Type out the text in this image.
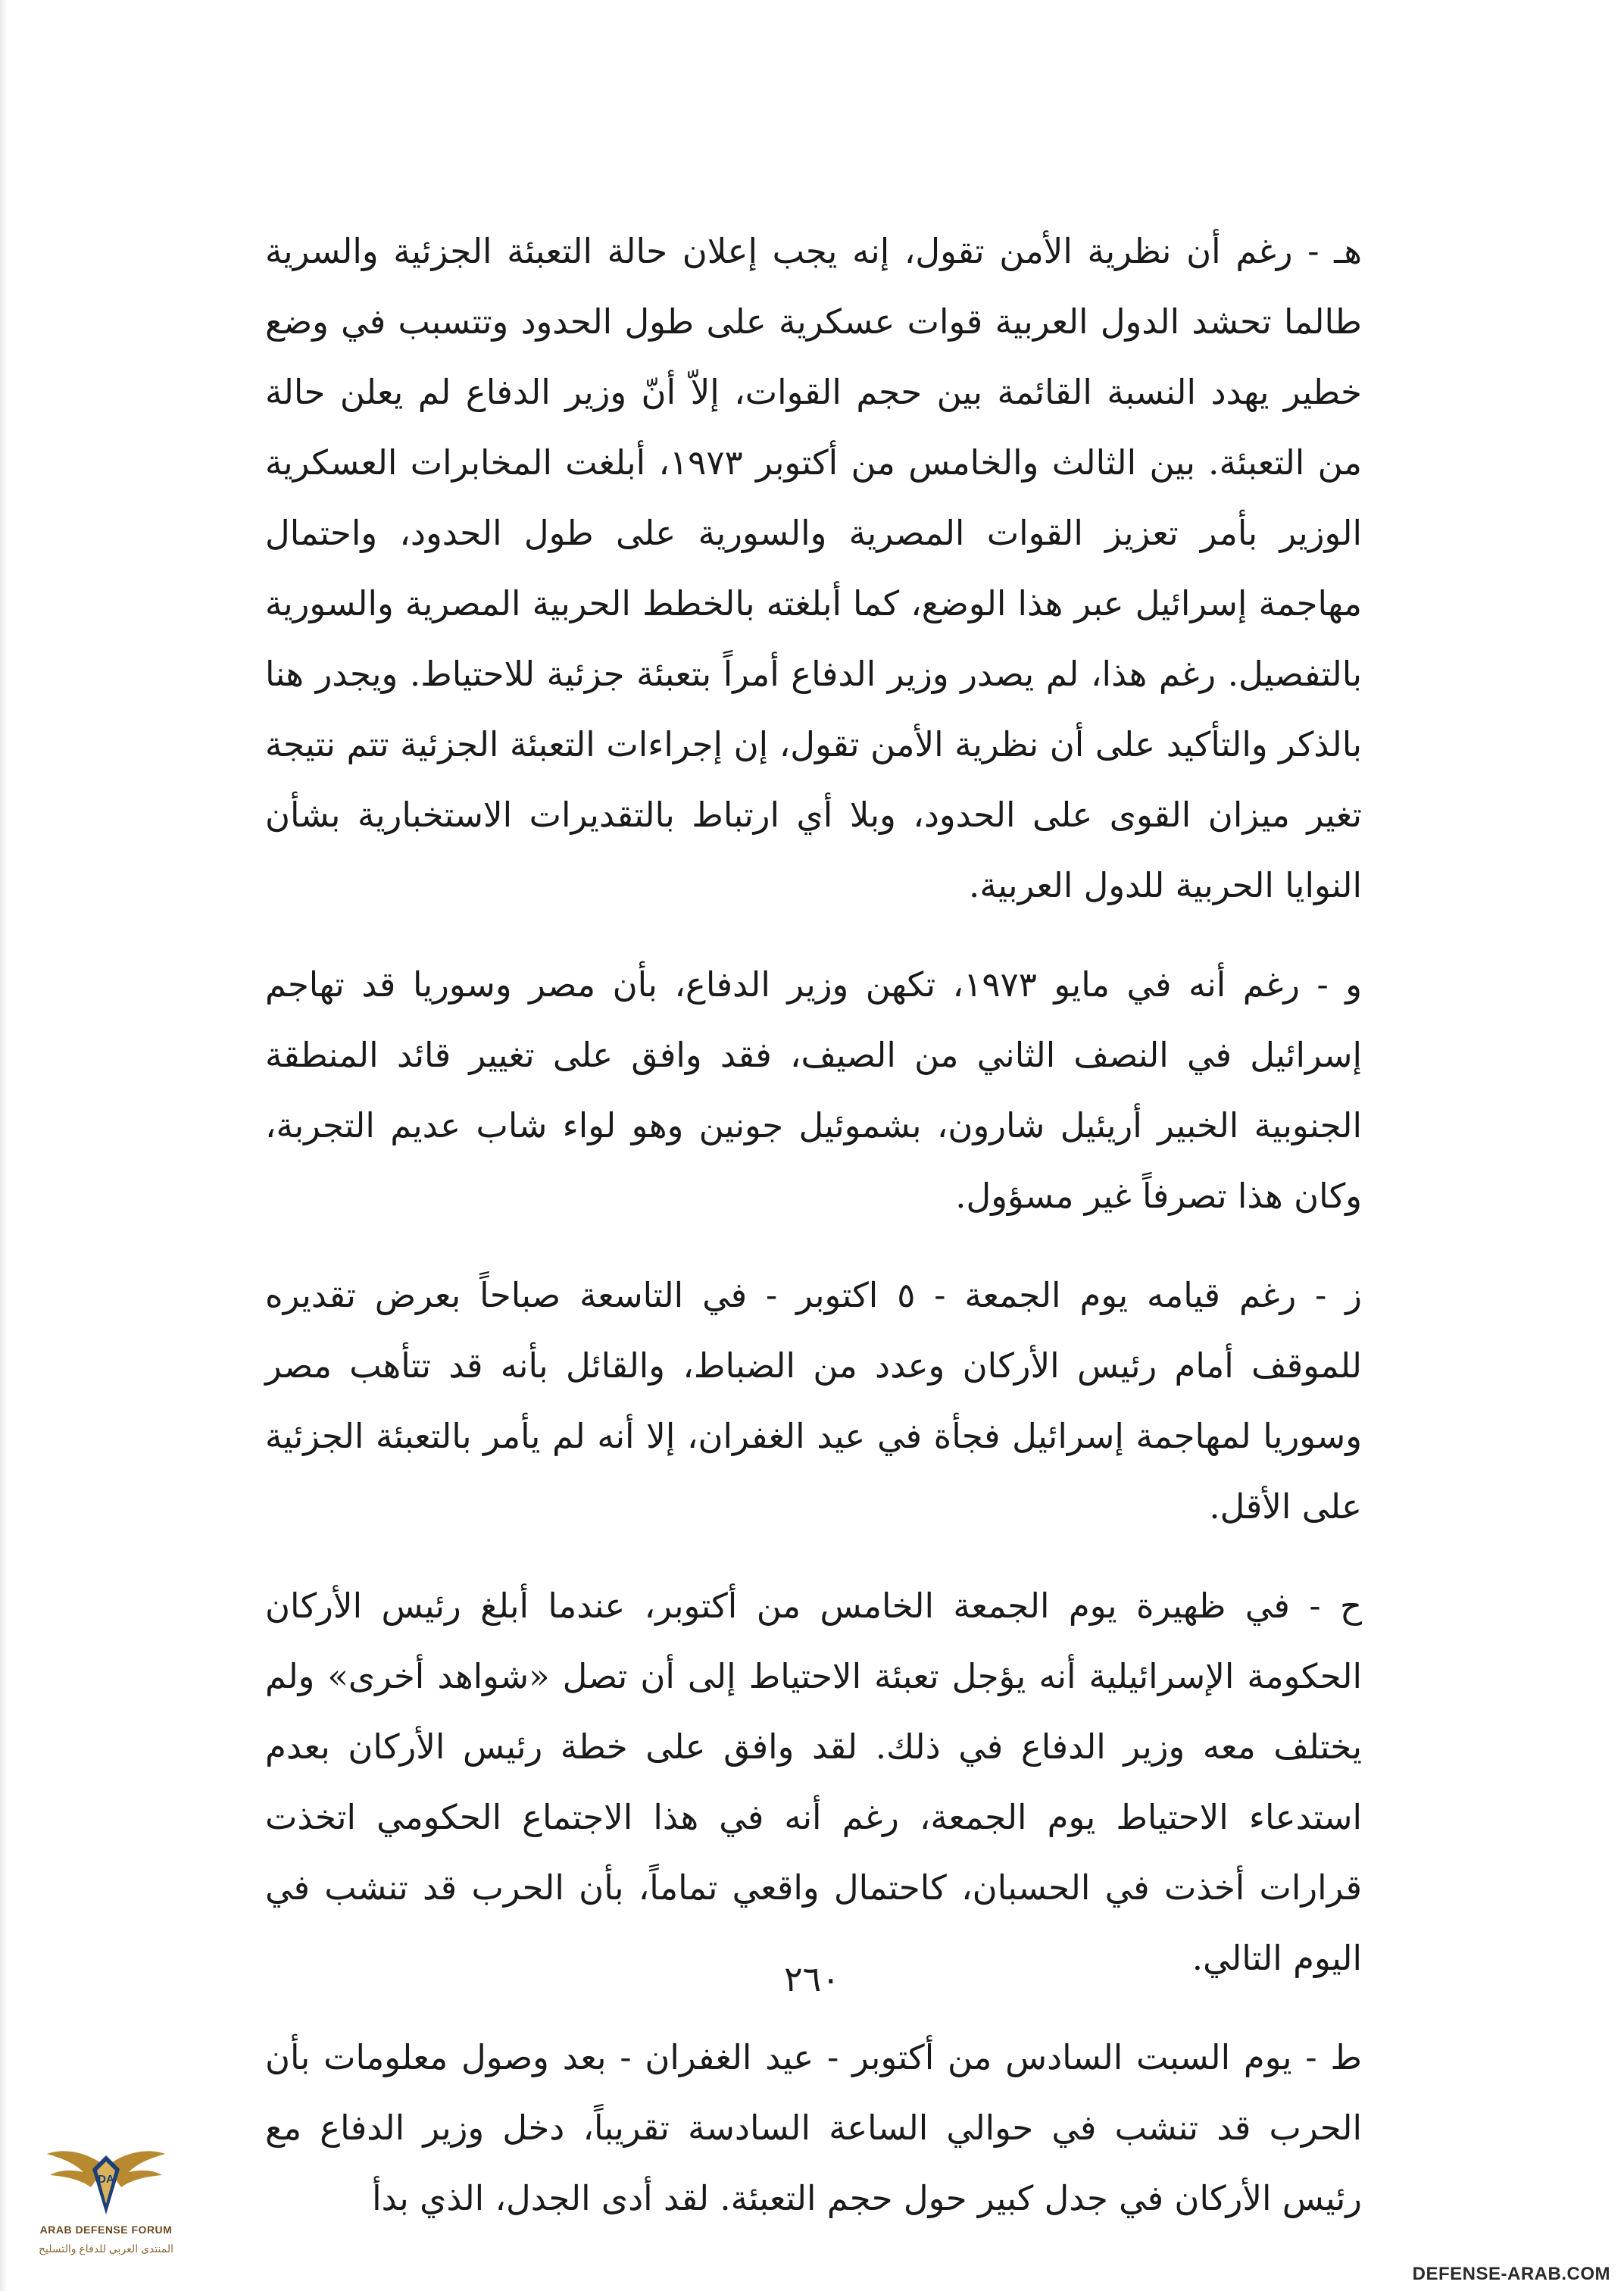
هـ - رغم أن نظرية الأمن تقول، إنه يجب إعلان حالة التعبئة الجزئية والسرية طالما تحشد الدول العربية قوات عسكرية على طول الحدود وتتسبب في وضع خطير يهدد النسبة القائمة بين حجم القوات، إلاّ أنّ وزير الدفاع لم يعلن حالة من التعبئة. بين الثالث والخامس من أكتوبر ١٩٧٣، أبلغت المخابرات العسكرية الوزير بأمر تعزيز القوات المصرية والسورية على طول الحدود، واحتمال مهاجمة إسرائيل عبر هذا الوضع، كما أبلغته بالخطط الحربية المصرية والسورية بالتفصيل. رغم هذا، لم يصدر وزير الدفاع أمراً بتعبئة جزئية للاحتياط. ويجدر هنا بالذكر والتأكيد على أن نظرية الأمن تقول، إن إجراءات التعبئة الجزئية تتم نتيجة تغير ميزان القوى على الحدود، وبلا أي ارتباط بالتقديرات الاستخبارية بشأن النوايا الحربية للدول العربية.

و - رغم أنه في مايو ١٩٧٣، تكهن وزير الدفاع، بأن مصر وسوريا قد تهاجم إسرائيل في النصف الثاني من الصيف، فقد وافق على تغيير قائد المنطقة الجنوبية الخبير أريئيل شارون، بشموئيل جونين وهو لواء شاب عديم التجربة، وكان هذا تصرفاً غير مسؤول.

ز - رغم قيامه يوم الجمعة - ٥ اكتوبر - في التاسعة صباحاً بعرض تقديره للموقف أمام رئيس الأركان وعدد من الضباط، والقائل بأنه قد تتأهب مصر وسوريا لمهاجمة إسرائيل فجأة في عيد الغفران، إلا أنه لم يأمر بالتعبئة الجزئية على الأقل.

ح - في ظهيرة يوم الجمعة الخامس من أكتوبر، عندما أبلغ رئيس الأركان الحكومة الإسرائيلية أنه يؤجل تعبئة الاحتياط إلى أن تصل «شواهد أخرى» ولم يختلف معه وزير الدفاع في ذلك. لقد وافق على خطة رئيس الأركان بعدم استدعاء الاحتياط يوم الجمعة، رغم أنه في هذا الاجتماع الحكومي اتخذت قرارات أخذت في الحسبان، كاحتمال واقعي تماماً، بأن الحرب قد تنشب في اليوم التالي.

ط - يوم السبت السادس من أكتوبر - عيد الغفران - بعد وصول معلومات بأن الحرب قد تنشب في حوالي الساعة السادسة تقريباً، دخل وزير الدفاع مع رئيس الأركان في جدل كبير حول حجم التعبئة. لقد أدى الجدل، الذي بدأ

٢٦٠
DA
ARAB DEFENSE FORUM
المنتدى العربي للدفاع والتسليح
DEFENSE-ARAB.COM
